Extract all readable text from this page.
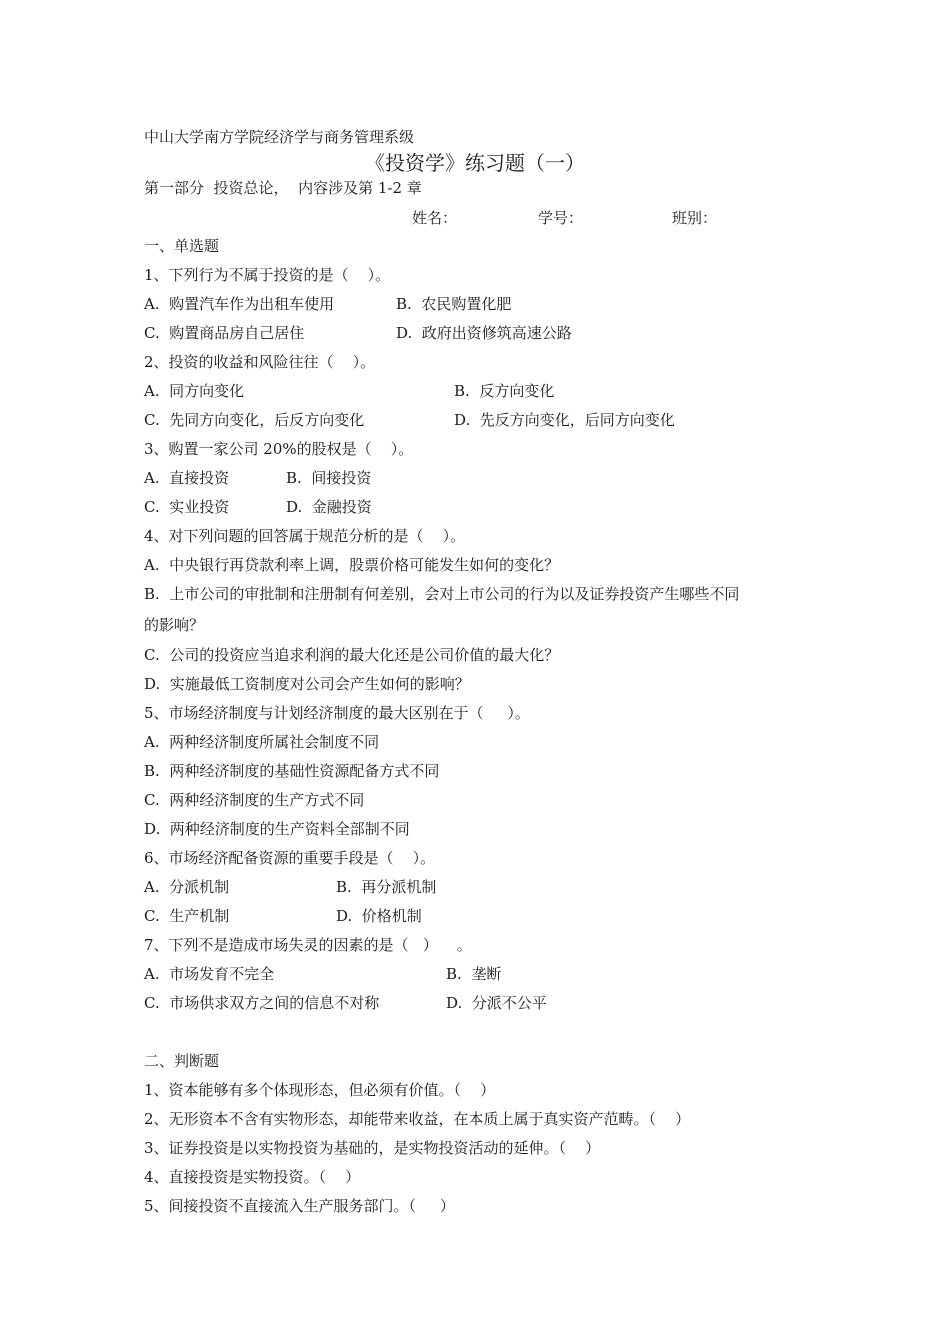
中山大学南方学院经济学与商务管理系级
《投资学》练习题（一）
第一部分  投资总论，  内容涉及第 1-2 章
姓名：	学号：	班别：
一、单选题
1、下列行为不属于投资的是（    ）。
A.  购置汽车作为出租车使用	B.  农民购置化肥
C.  购置商品房自己居住	D.  政府出资修筑高速公路
2、投资的收益和风险往往（    ）。
A.  同方向变化	B.  反方向变化
C.  先同方向变化，后反方向变化	D.  先反方向变化，后同方向变化
3、购置一家公司 20%的股权是（    ）。
A.  直接投资	B.  间接投资
C.  实业投资	D.  金融投资
4、对下列问题的回答属于规范分析的是（    ）。
A.  中央银行再贷款利率上调，股票价格可能发生如何的变化？
B.  上市公司的审批制和注册制有何差别，会对上市公司的行为以及证券投资产生哪些不同
的影响？
C.  公司的投资应当追求利润的最大化还是公司价值的最大化？
D.  实施最低工资制度对公司会产生如何的影响？
5、市场经济制度与计划经济制度的最大区别在于（     ）。
A.  两种经济制度所属社会制度不同
B.  两种经济制度的基础性资源配备方式不同
C.  两种经济制度的生产方式不同
D.  两种经济制度的生产资料全部制不同
6、市场经济配备资源的重要手段是（    ）。
A.  分派机制	B.  再分派机制
C.  生产机制	D.  价格机制
7、下列不是造成市场失灵的因素的是（   ）    。
A.  市场发育不完全	B.  垄断
C.  市场供求双方之间的信息不对称	D.  分派不公平
二、判断题
1、资本能够有多个体现形态，但必须有价值。（    ）
2、无形资本不含有实物形态，却能带来收益，在本质上属于真实资产范畴。（    ）
3、证券投资是以实物投资为基础的，是实物投资活动的延伸。（    ）
4、直接投资是实物投资。（    ）
5、间接投资不直接流入生产服务部门。（     ）
